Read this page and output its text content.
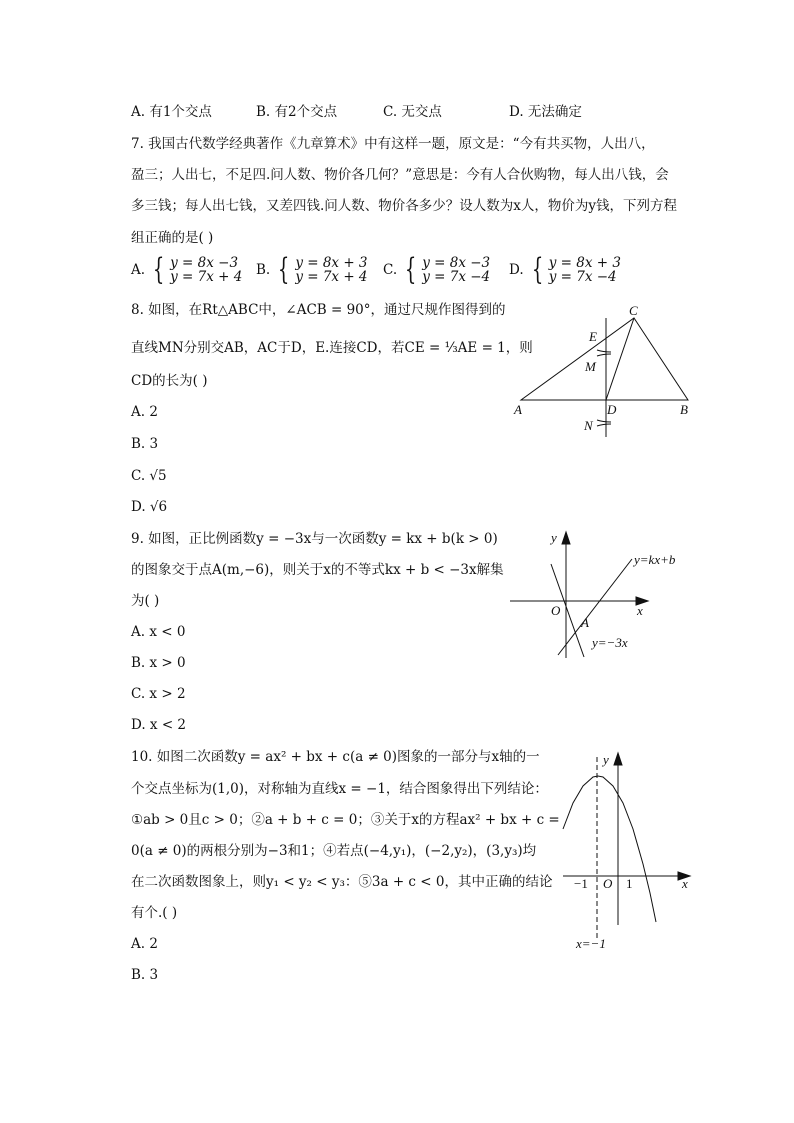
A. 有1个交点	B. 有2个交点	C. 无交点	D. 无法确定
7. 我国古代数学经典著作《九章算术》中有这样一题，原文是：“今有共买物，人出八，
盈三；人出七，不足四.问人数、物价各几何？”意思是：今有人合伙购物，每人出八钱，会
多三钱；每人出七钱，又差四钱.问人数、物价各多少？设人数为x人，物价为y钱，下列方程
组正确的是( )
A. { y = 8x −3
y = 7x + 4 B. { y = 8x + 3
y = 7x + 4 C. { y = 8x −3
y = 7x −4 D. { y = 8x + 3
y = 7x −4
8. 如图，在Rt△ABC中，∠ACB = 90°，通过尺规作图得到的
直线MN分别交AB，AC于D，E.连接CD，若CE = ⅓AE = 1，则
CD的长为( )
A. 2
B. 3
C. √5
D. √6
9. 如图，正比例函数y = −3x与一次函数y = kx + b(k > 0)
的图象交于点A(m,−6)，则关于x的不等式kx + b < −3x解集
为( )
A. x < 0
B. x > 0
C. x > 2
D. x < 2
10. 如图二次函数y = ax² + bx + c(a ≠ 0)图象的一部分与x轴的一
个交点坐标为(1,0)，对称轴为直线x = −1，结合图象得出下列结论：
①ab > 0且c > 0；②a + b + c = 0；③关于x的方程ax² + bx + c =
0(a ≠ 0)的两根分别为−3和1；④若点(−4,y₁)，(−2,y₂)，(3,y₃)均
在二次函数图象上，则y₁ < y₂ < y₃：⑤3a + c < 0，其中正确的结论
有个.( )
A. 2
B. 3
C
E
M
A	D	B
N
y
y=kx+b
O	x
A
y=−3x
y
−1 O 1	x
x=−1
